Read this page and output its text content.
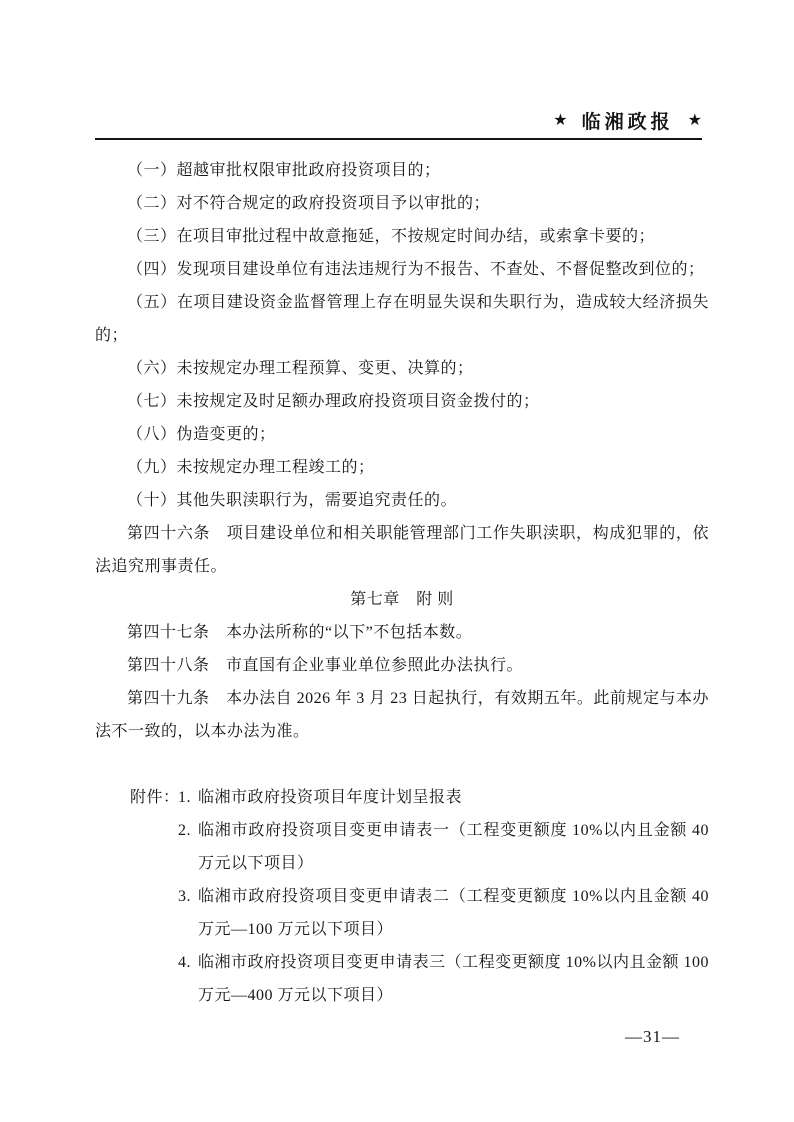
★ 临湘政报 ★

（一）超越审批权限审批政府投资项目的；

（二）对不符合规定的政府投资项目予以审批的；

（三）在项目审批过程中故意拖延，不按规定时间办结，或索拿卡要的；

（四）发现项目建设单位有违法违规行为不报告、不查处、不督促整改到位的；

（五）在项目建设资金监督管理上存在明显失误和失职行为，造成较大经济损失的；

（六）未按规定办理工程预算、变更、决算的；

（七）未按规定及时足额办理政府投资项目资金拨付的；

（八）伪造变更的；

（九）未按规定办理工程竣工的；

（十）其他失职渎职行为，需要追究责任的。

第四十六条　项目建设单位和相关职能管理部门工作失职渎职，构成犯罪的，依法追究刑事责任。

第七章　附 则

第四十七条　本办法所称的“以下”不包括本数。

第四十八条　市直国有企业事业单位参照此办法执行。

第四十九条　本办法自 2026 年 3 月 23 日起执行，有效期五年。此前规定与本办法不一致的，以本办法为准。

附件：
1. 临湘市政府投资项目年度计划呈报表
2. 临湘市政府投资项目变更申请表一（工程变更额度 10%以内且金额 40 万元以下项目）
3. 临湘市政府投资项目变更申请表二（工程变更额度 10%以内且金额 40 万元—100 万元以下项目）
4. 临湘市政府投资项目变更申请表三（工程变更额度 10%以内且金额 100 万元—400 万元以下项目）
—31—
